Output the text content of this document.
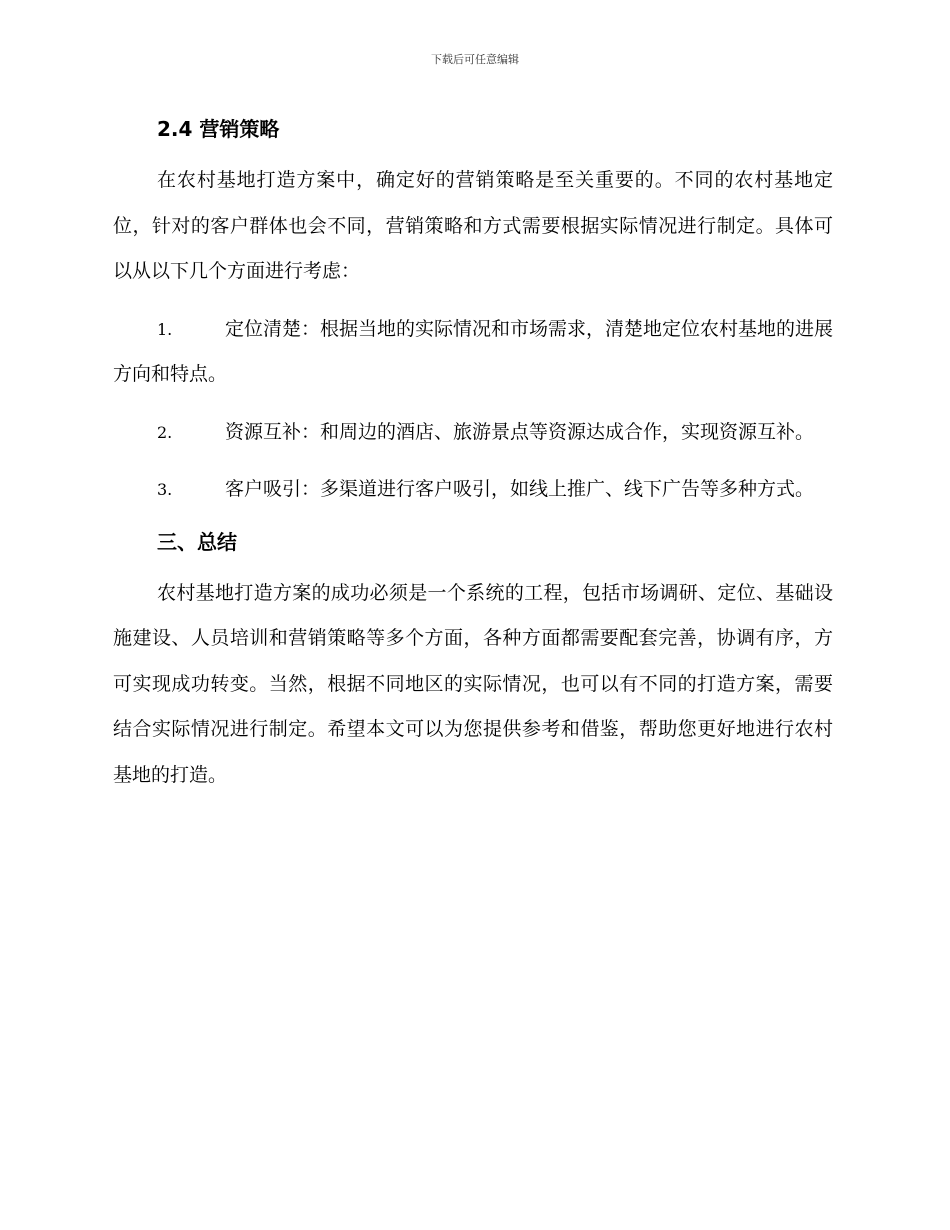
下载后可任意编辑
2.4 营销策略

在农村基地打造方案中，确定好的营销策略是至关重要的。不同的农村基地定位，针对的客户群体也会不同，营销策略和方式需要根据实际情况进行制定。具体可以从以下几个方面进行考虑：

1.	定位清楚：根据当地的实际情况和市场需求，清楚地定位农村基地的进展方向和特点。

2.	资源互补：和周边的酒店、旅游景点等资源达成合作，实现资源互补。

3.	客户吸引：多渠道进行客户吸引，如线上推广、线下广告等多种方式。

三、总结

农村基地打造方案的成功必须是一个系统的工程，包括市场调研、定位、基础设施建设、人员培训和营销策略等多个方面，各种方面都需要配套完善，协调有序，方可实现成功转变。当然，根据不同地区的实际情况，也可以有不同的打造方案，需要结合实际情况进行制定。希望本文可以为您提供参考和借鉴，帮助您更好地进行农村基地的打造。
